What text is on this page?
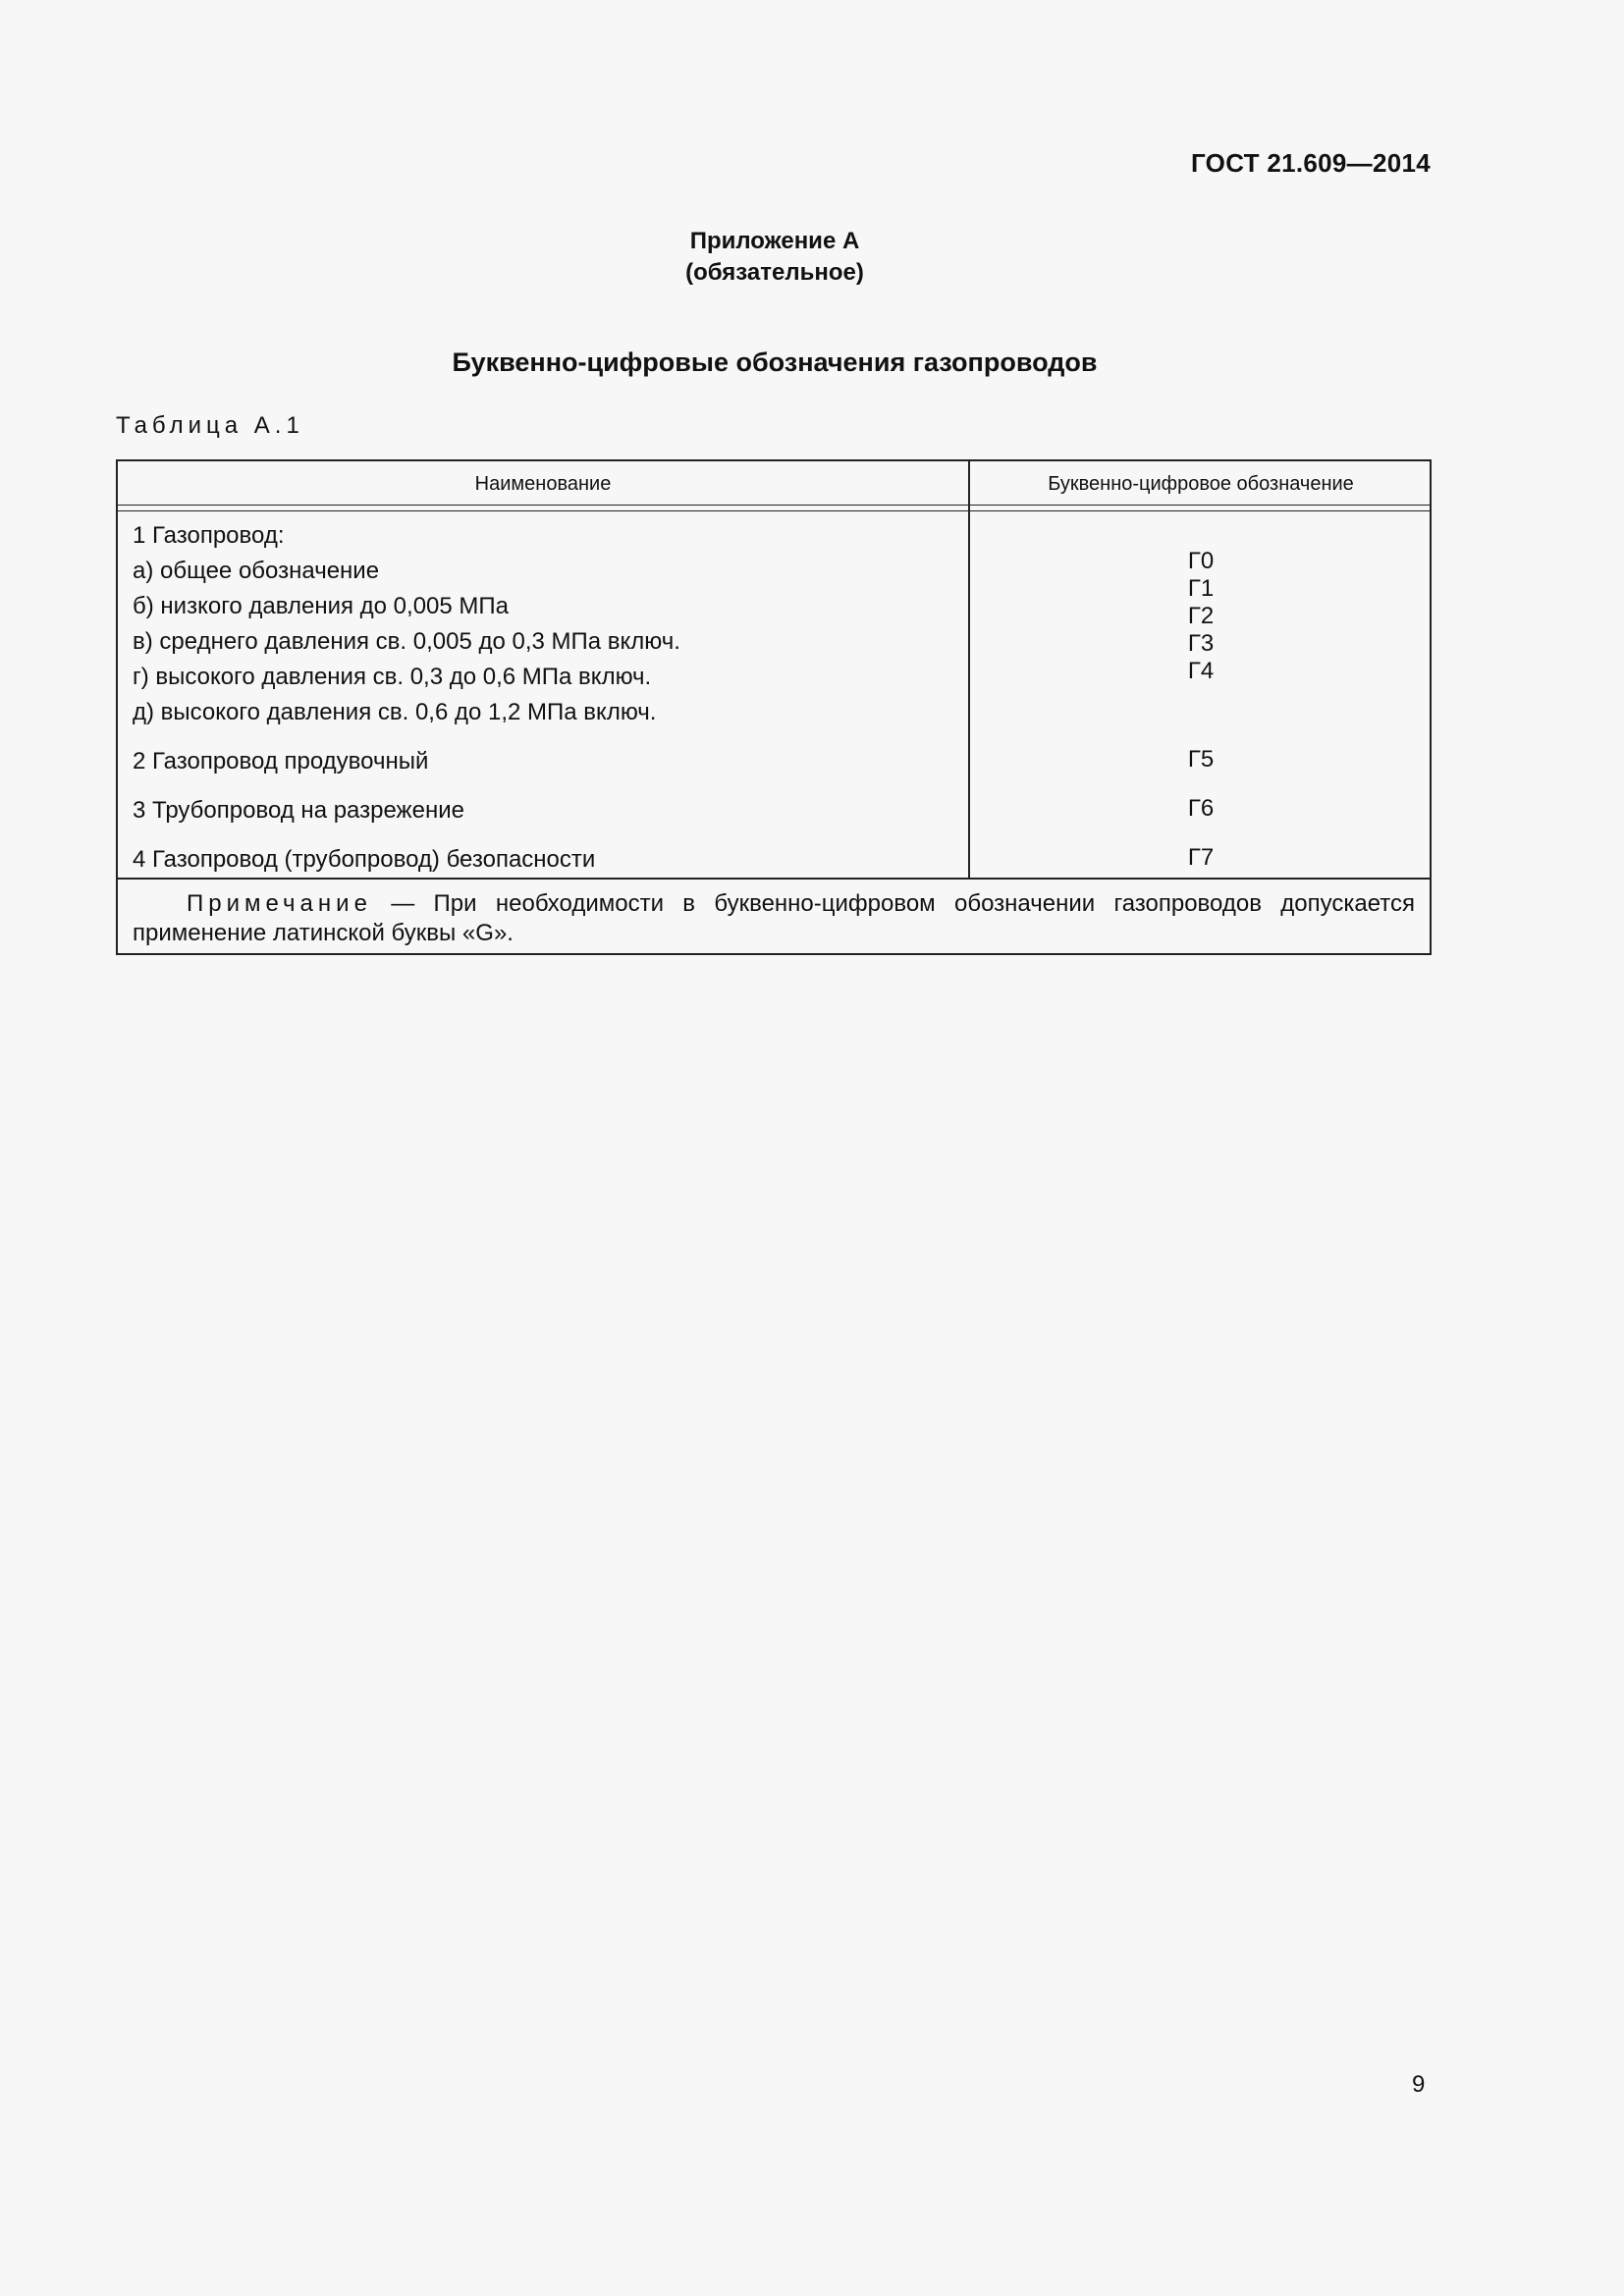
ГОСТ 21.609—2014
Приложение А
(обязательное)
Буквенно-цифровые обозначения газопроводов
Таблица А.1
Наименование	Буквенно-цифровое обозначение
1 Газопровод:
а) общее обозначение
б) низкого давления до 0,005 МПа
в) среднего давления св. 0,005 до 0,3 МПа включ.
г) высокого давления св. 0,3 до 0,6 МПа включ.
д) высокого давления св. 0,6 до 1,2 МПа включ.
2 Газопровод продувочный
3 Трубопровод на разрежение
4 Газопровод (трубопровод) безопасности
Г0
Г1
Г2
Г3
Г4
Г5
Г6
Г7
Примечание — При необходимости в буквенно-цифровом обозначении газопроводов допускается применение латинской буквы «G».
9
